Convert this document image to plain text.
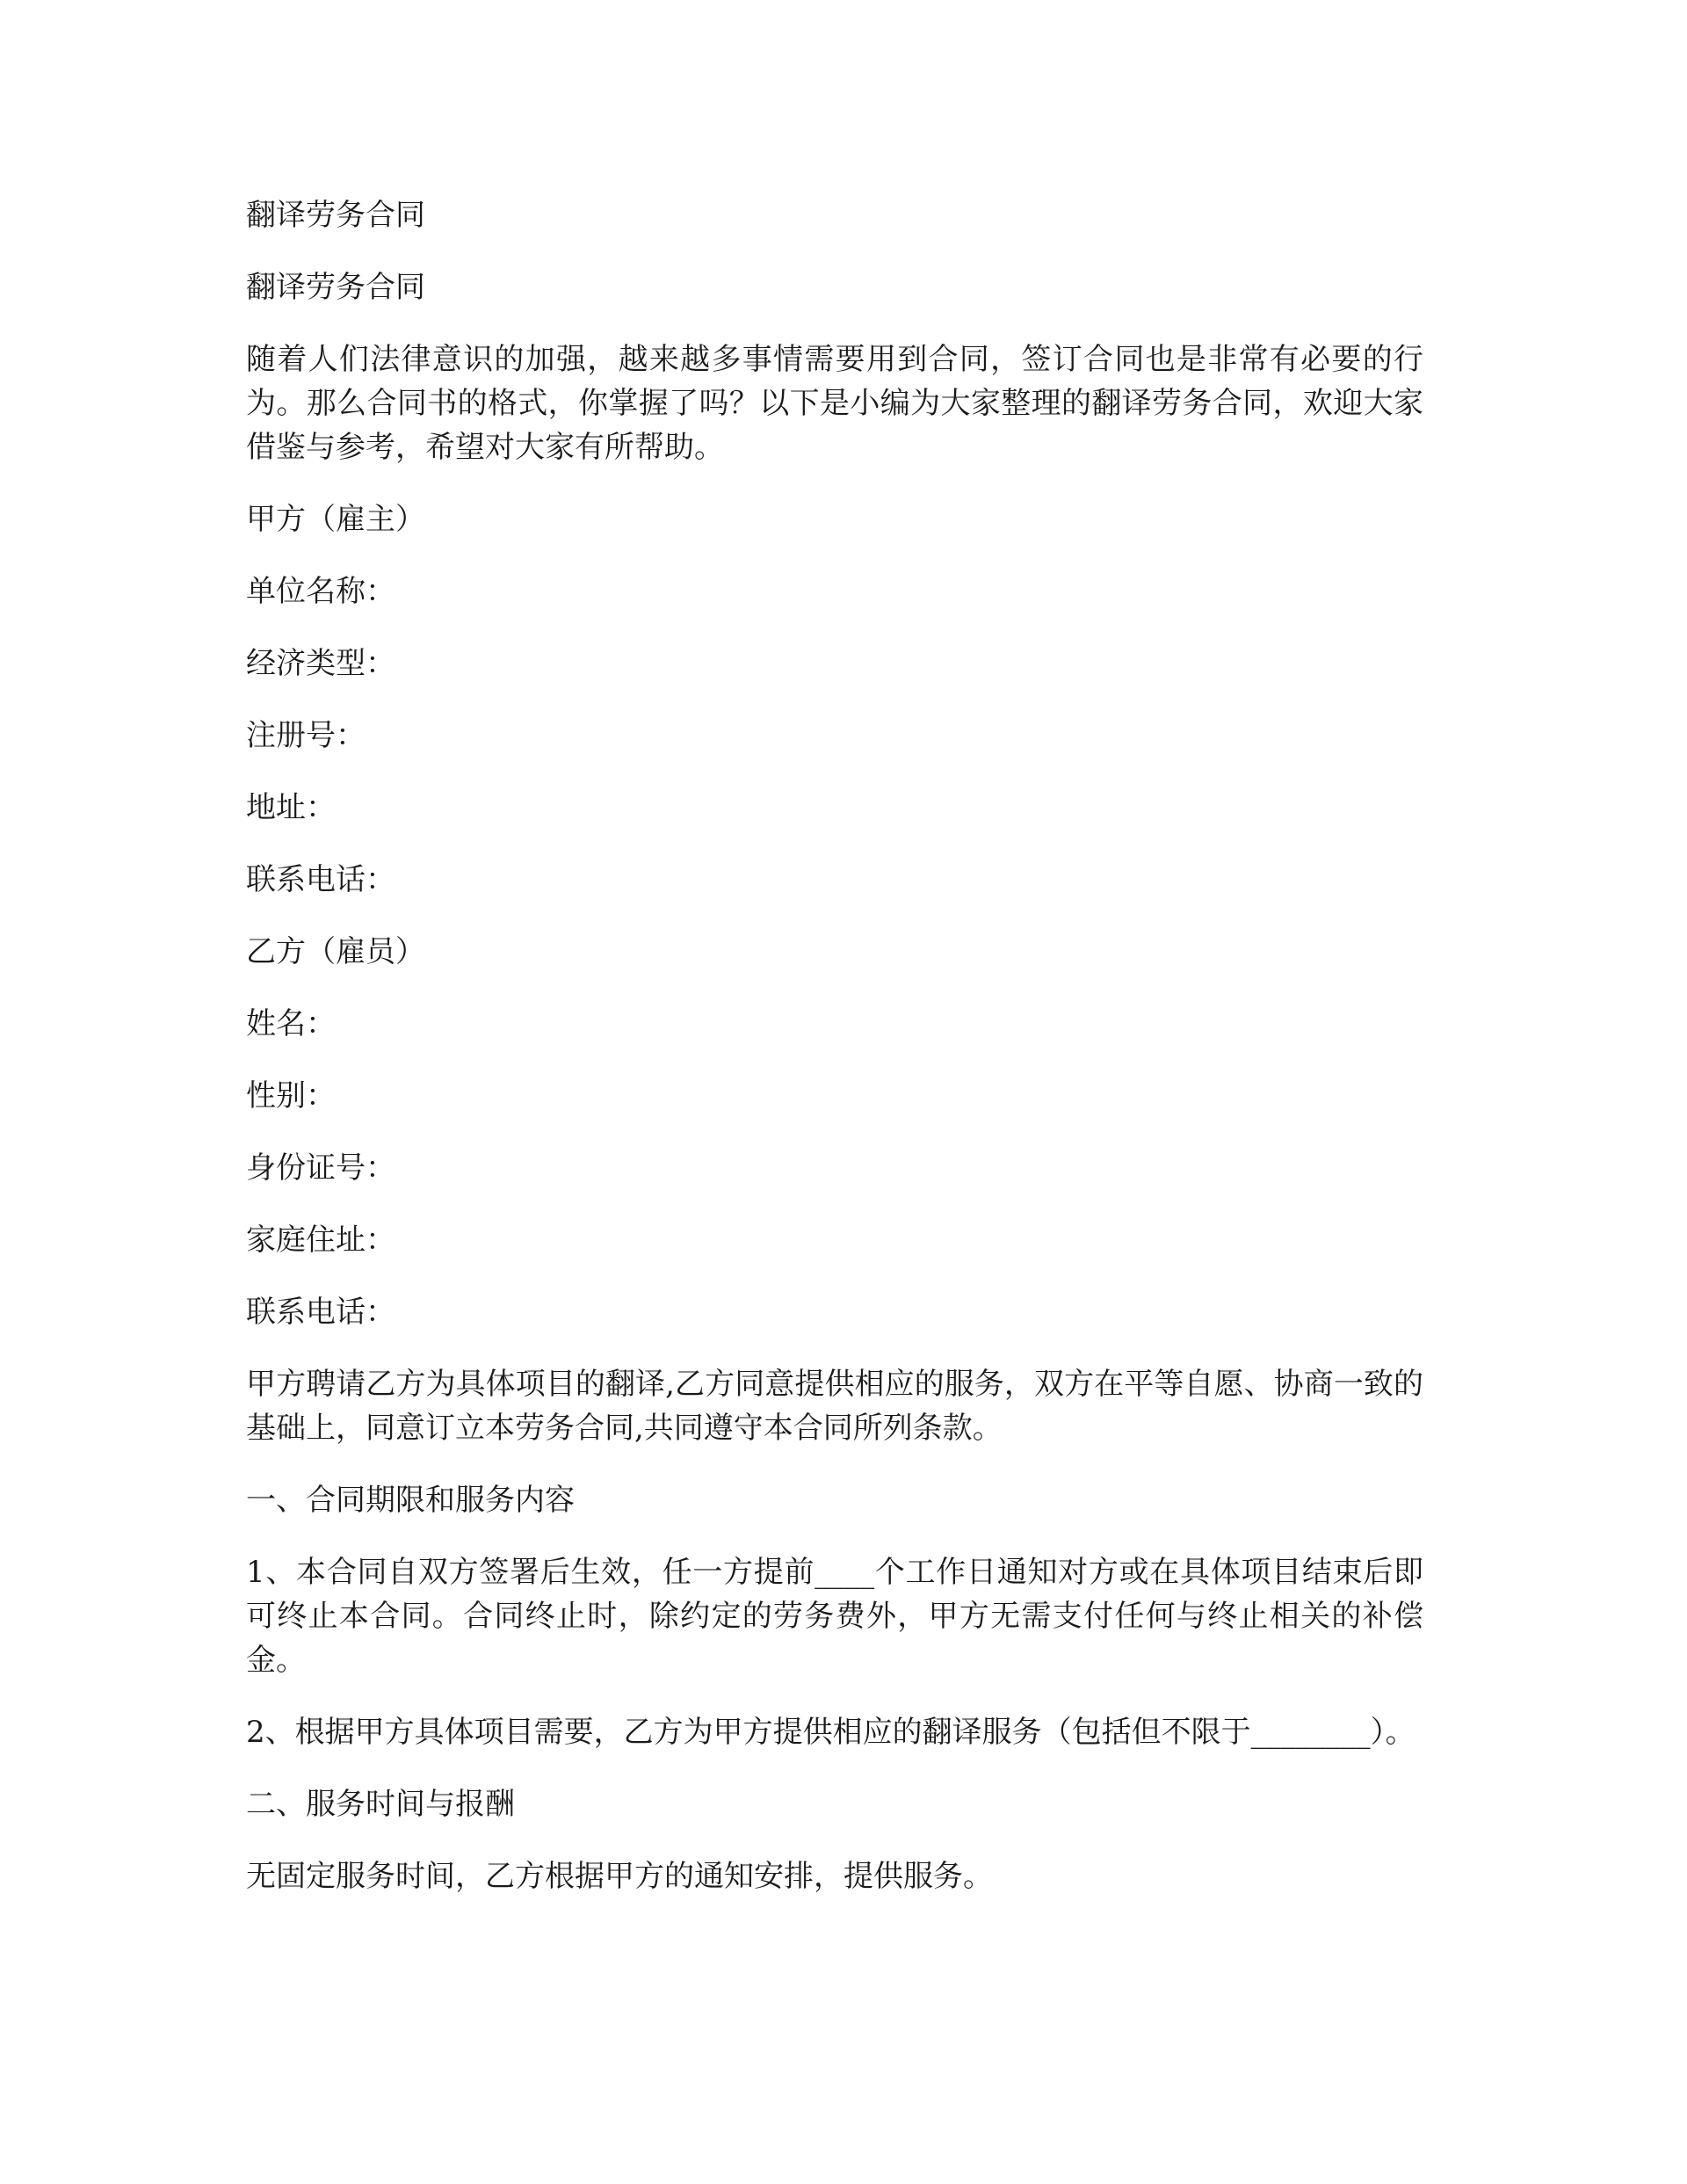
翻译劳务合同
翻译劳务合同
随着人们法律意识的加强，越来越多事情需要用到合同，签订合同也是非常有必要的行为。那么合同书的格式，你掌握了吗？以下是小编为大家整理的翻译劳务合同，欢迎大家借鉴与参考，希望对大家有所帮助。
甲方（雇主）
单位名称：
经济类型：
注册号：
地址：
联系电话：
乙方（雇员）
姓名：
性别：
身份证号：
家庭住址：
联系电话：
甲方聘请乙方为具体项目的翻译,乙方同意提供相应的服务，双方在平等自愿、协商一致的基础上，同意订立本劳务合同,共同遵守本合同所列条款。
一、合同期限和服务内容
1、本合同自双方签署后生效，任一方提前____个工作日通知对方或在具体项目结束后即可终止本合同。合同终止时，除约定的劳务费外，甲方无需支付任何与终止相关的补偿金。
2、根据甲方具体项目需要，乙方为甲方提供相应的翻译服务（包括但不限于________）。
二、服务时间与报酬
无固定服务时间，乙方根据甲方的通知安排，提供服务。
